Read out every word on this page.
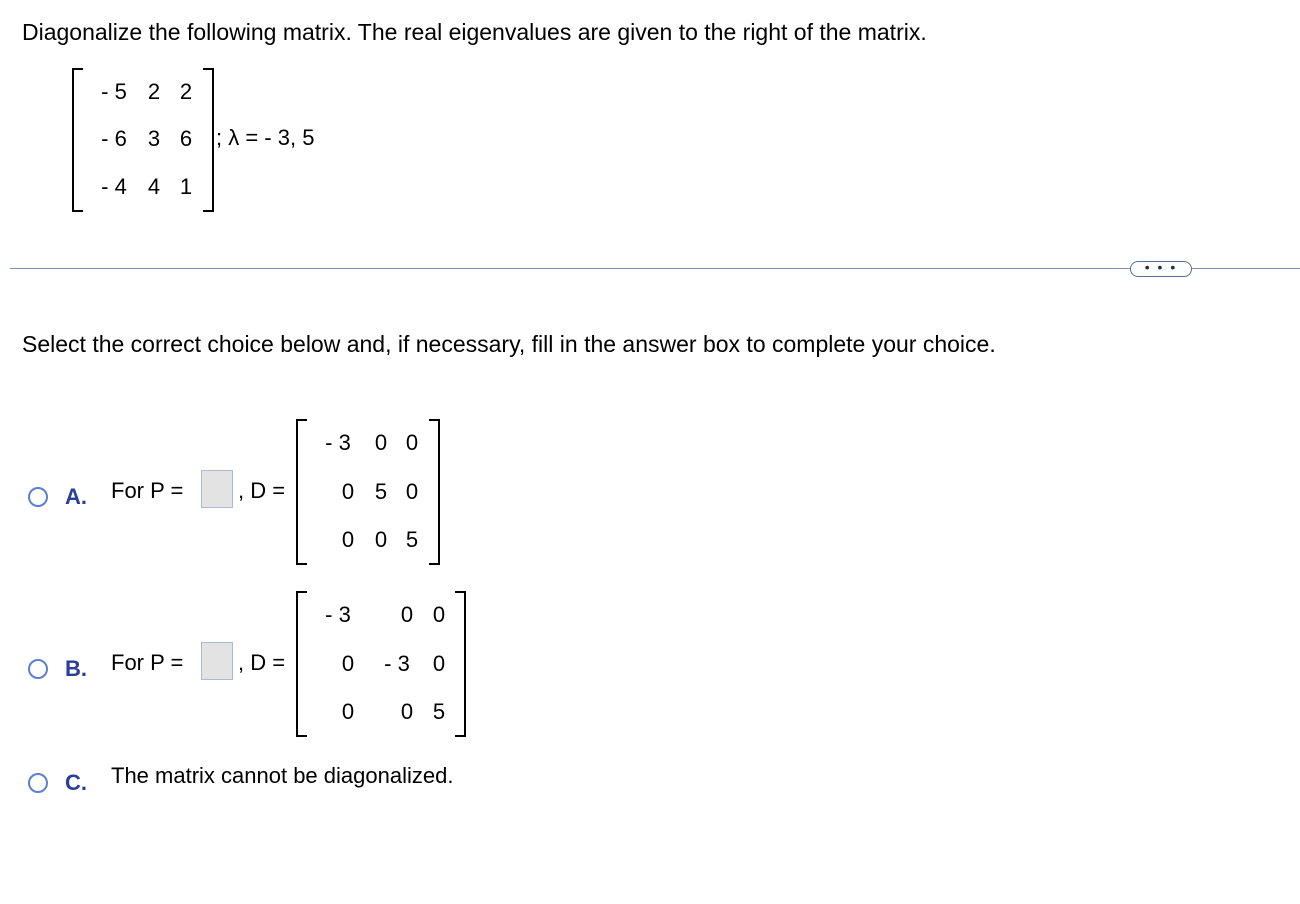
Diagonalize the following matrix. The real eigenvalues are given to the right of the matrix.
- 5 2 2
- 6 3 6
- 4 4 1
; λ = - 3, 5
• • •
Select the correct choice below and, if necessary, fill in the answer box to complete your choice.
A. For P = , D =
- 3	0 0
0 5 0
0 0 5
B. For P = , D =
- 3	0 0
0	- 3	0
0 0 5
C. The matrix cannot be diagonalized.
